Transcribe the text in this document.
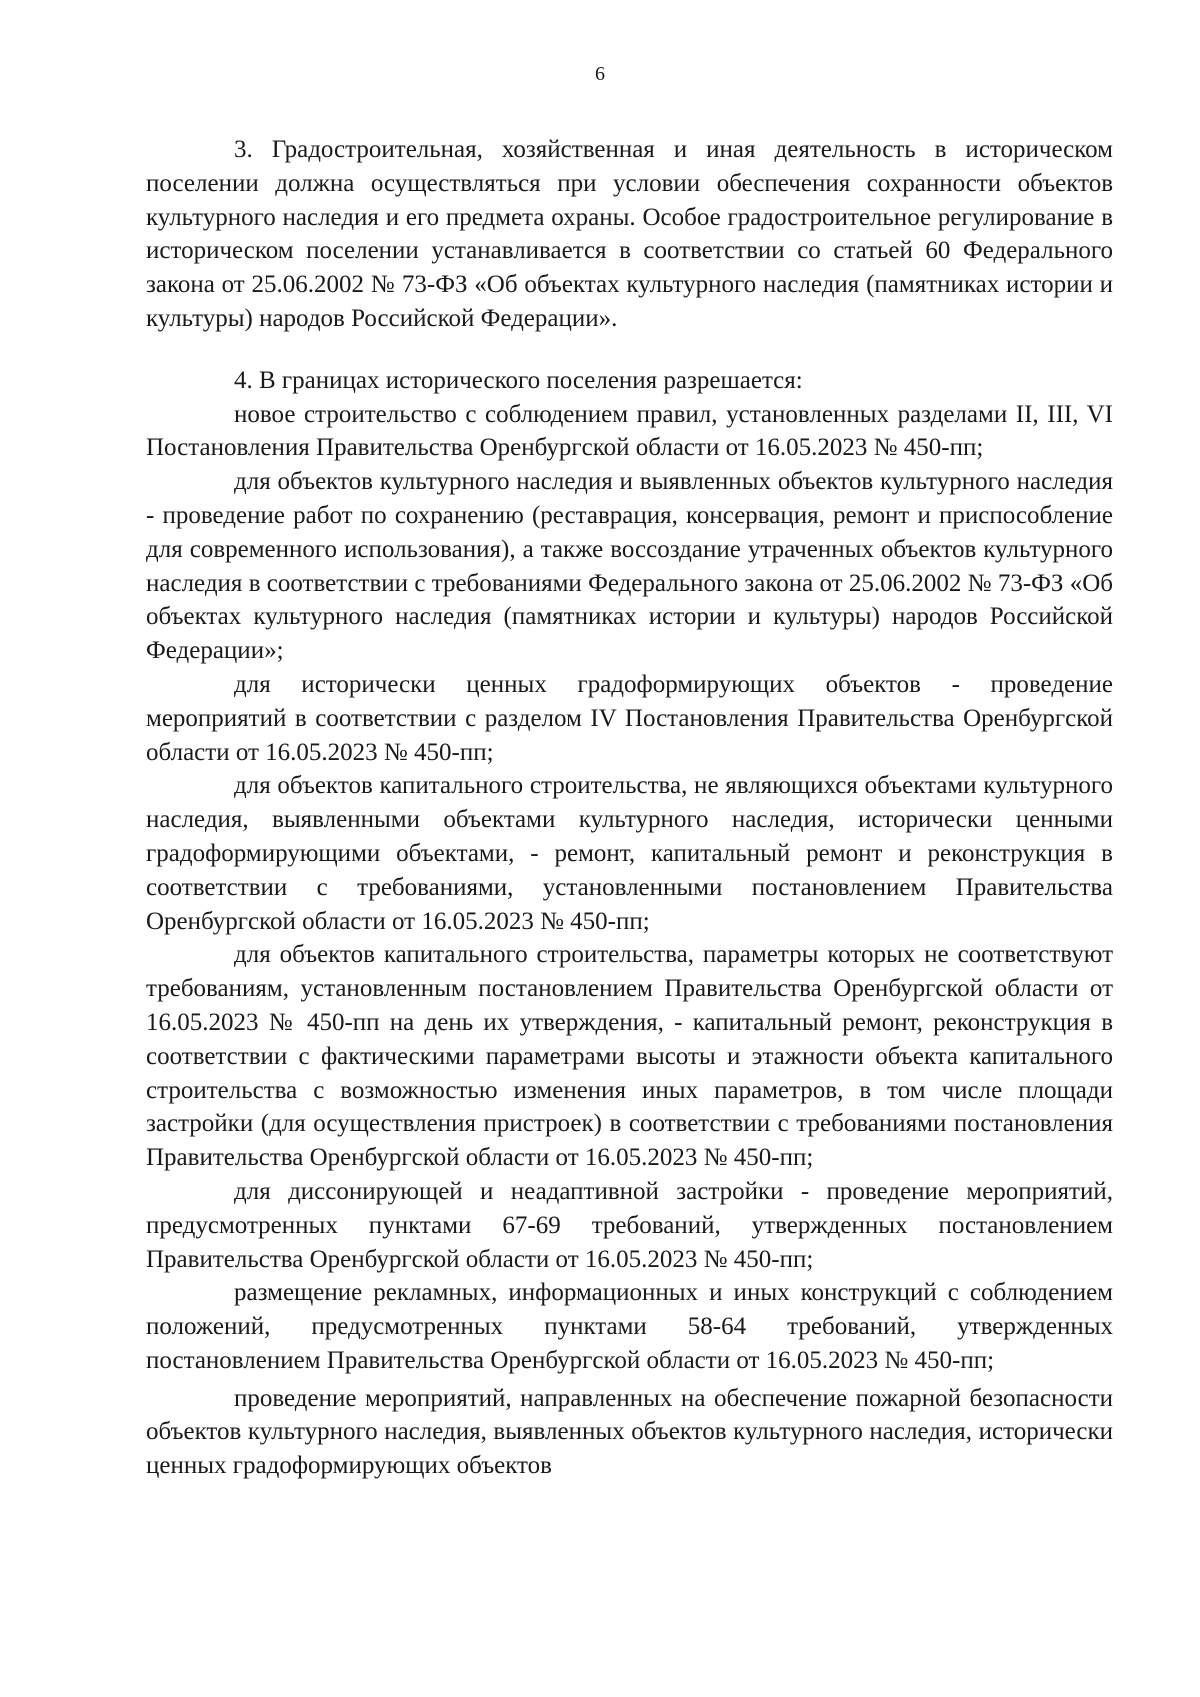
6

3. Градостроительная, хозяйственная и иная деятельность в историческом поселении должна осуществляться при условии обеспечения сохранности объектов культурного наследия и его предмета охраны. Особое градостроительное регулирование в историческом поселении устанавливается в соответствии со статьей 60 Федерального закона от 25.06.2002 № 73-ФЗ «Об объектах культурного наследия (памятниках истории и культуры) народов Российской Федерации».

4. В границах исторического поселения разрешается:

новое строительство с соблюдением правил, установленных разделами II, III, VI Постановления Правительства Оренбургской области от 16.05.2023 № 450-пп;

для объектов культурного наследия и выявленных объектов культурного наследия - проведение работ по сохранению (реставрация, консервация, ремонт и приспособление для современного использования), а также воссоздание утраченных объектов культурного наследия в соответствии с требованиями Федерального закона от 25.06.2002 № 73-ФЗ «Об объектах культурного наследия (памятниках истории и культуры) народов Российской Федерации»;

для исторически ценных градоформирующих объектов - проведение мероприятий в соответствии с разделом IV Постановления Правительства Оренбургской области от 16.05.2023 № 450-пп;

для объектов капитального строительства, не являющихся объектами культурного наследия, выявленными объектами культурного наследия, исторически ценными градоформирующими объектами, - ремонт, капитальный ремонт и реконструкция в соответствии с требованиями, установленными постановлением Правительства Оренбургской области от 16.05.2023 № 450-пп;

для объектов капитального строительства, параметры которых не соответствуют требованиям, установленным постановлением Правительства Оренбургской области от 16.05.2023 № 450-пп на день их утверждения, - капитальный ремонт, реконструкция в соответствии с фактическими параметрами высоты и этажности объекта капитального строительства с возможностью изменения иных параметров, в том числе площади застройки (для осуществления пристроек) в соответствии с требованиями постановления Правительства Оренбургской области от 16.05.2023 № 450-пп;

для диссонирующей и неадаптивной застройки - проведение мероприятий, предусмотренных пунктами 67-69 требований, утвержденных постановлением Правительства Оренбургской области от 16.05.2023 № 450-пп;

размещение рекламных, информационных и иных конструкций с соблюдением положений, предусмотренных пунктами 58-64 требований, утвержденных постановлением Правительства Оренбургской области от 16.05.2023 № 450-пп;

проведение мероприятий, направленных на обеспечение пожарной безопасности объектов культурного наследия, выявленных объектов культурного наследия, исторически ценных градоформирующих объектов
